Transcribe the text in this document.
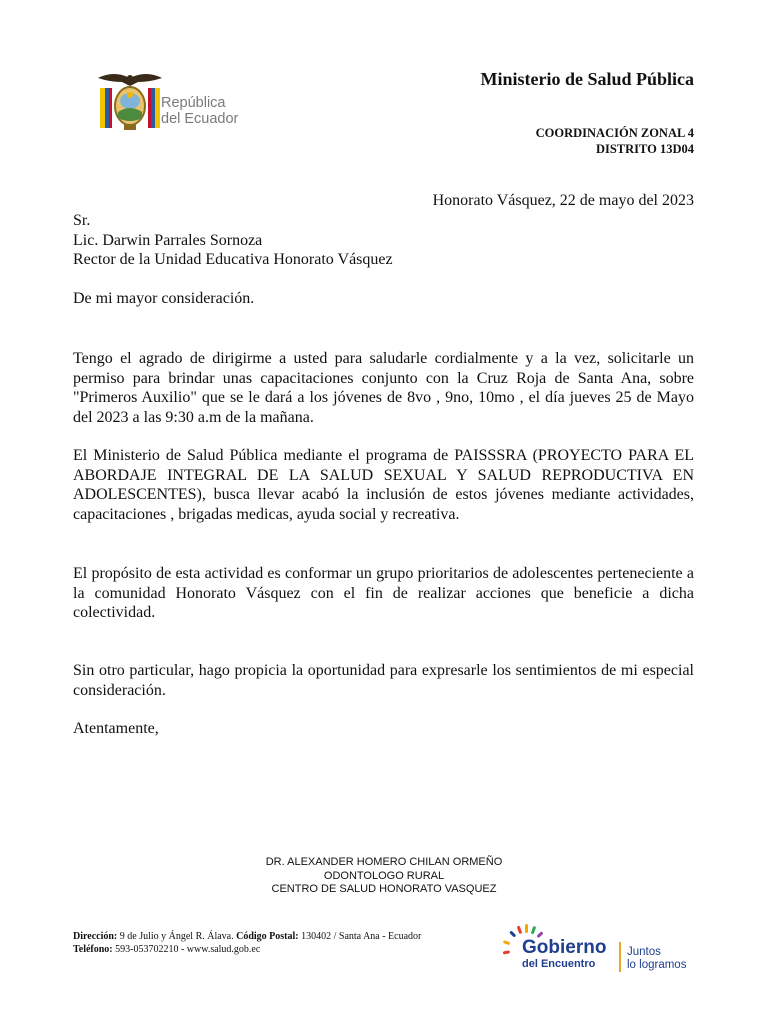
República
del Ecuador
Ministerio de Salud Pública
COORDINACIÓN ZONAL 4
DISTRITO 13D04
Honorato Vásquez, 22 de mayo del 2023
Sr.
Lic. Darwin Parrales Sornoza
Rector de la Unidad Educativa Honorato Vásquez
De mi mayor consideración.
Tengo el agrado de dirigirme a usted para saludarle cordialmente y a la vez, solicitarle un permiso para brindar unas capacitaciones conjunto con la Cruz Roja de Santa Ana, sobre "Primeros Auxilio" que se le dará a los jóvenes de 8vo , 9no, 10mo , el día jueves 25 de Mayo del 2023 a las 9:30 a.m de la mañana.
El Ministerio de Salud Pública mediante el programa de PAISSSRA (PROYECTO PARA EL ABORDAJE INTEGRAL DE LA SALUD SEXUAL Y SALUD REPRODUCTIVA EN ADOLESCENTES), busca llevar acabó la inclusión de estos jóvenes mediante actividades, capacitaciones , brigadas medicas, ayuda social y recreativa.
El propósito de esta actividad es conformar un grupo prioritarios de adolescentes perteneciente a la comunidad Honorato Vásquez con el fin de realizar acciones que beneficie a dicha colectividad.
Sin otro particular, hago propicia la oportunidad para expresarle los sentimientos de mi especial consideración.
Atentamente,
DR. ALEXANDER HOMERO CHILAN ORMEÑO
ODONTOLOGO RURAL
CENTRO DE SALUD HONORATO VASQUEZ
Dirección: 9 de Julio y Ángel R. Álava. Código Postal: 130402 / Santa Ana - Ecuador
Teléfono: 593-053702210 - www.salud.gob.ec	Gobierno
del Encuentro
Juntos
lo logramos
